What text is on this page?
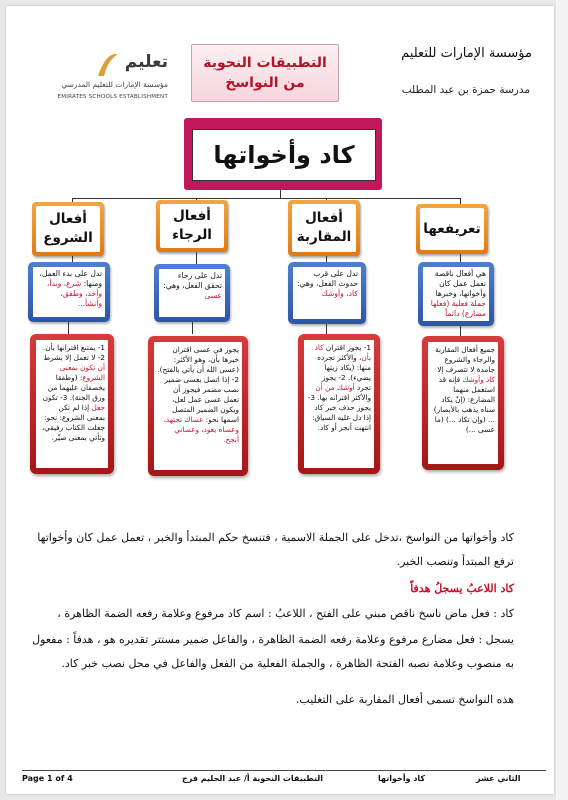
مؤسسة الإمارات للتعليم
مدرسة حمزة بن عبد المطلب
التطبيقات النحوية
من النواسخ
تعليم
مؤسسة الإمارات للتعليم المدرسي
EMIRATES SCHOOLS ESTABLISHMENT
كاد وأخواتها
تعريفعها
أفعال المقاربة
أفعال الرجاء
أفعال الشروع
هي أفعال ناقصة تعمل عمل كان وأخواتها، وخبرها جملة فعلية (فعلها مضارع) دائماً
تدل على قرب حدوث الفعل، وهي: كاد، وأوشك
تدل على رجاء تحقق الفعل، وهي: عسى
تدل على بدء العمل، ومنها: شرع، وبدأ، وأخذ، وطفق، وأنشأ...
جميع أفعال المقاربة والرجاء والشروع جامدة لا تتصرف إلا كاد وأوشك فإنه قد استعمل منهما المضارع: (إنْ يكاد سناه يذهب بالأبصار) ... (وإن تكاد ...) (ما عسى ...)
1- يجوز اقتران كاد بأن، والأكثر تجرده منها: (يكاد زيتها يضيء). 2- يجوز تجرد أوشك من أن والأكثر اقترانه بها. 3- يجوز حذف خبر كاد إذا دل عليه السياق: انتهت أنجز أو كاد.
يجوز في عسى اقتران خبرها بأن، وهو الأكثر: (عسى الله أن يأتي بالفتح). 2- إذا اتصل بعسى ضمير نصب مضمر فيجوز أن تعمل عسى عمل لعل، ويكون الضمير المتصل اسمها نحو: عساك تجتهد، وعساه يعود، وعساني أنجح.
1- يمتنع اقترانها بأن. 2- لا تعمل إلا بشرط أن تكون بمعنى الشروع: (وطفقا يخصفان عليهما من ورق الجنة). 3- تكون جعل إذا لم تكن بمعنى الشروع: نحو: جعلت الكتاب رفيقي، وتأتي بمعنى صيّر.
كاد وأخواتها من النواسخ ،تدخل على الجملة الاسمية ، فتنسخ حكم المبتدأ والخبر ، تعمل عمل كان وأخواتها ترفع المبتدأ وتنصب الخبر.
كاد اللاعبُ يسجلُ هدفاً
كاد : فعل ماض ناسخ ناقص مبني على الفتح ، اللاعبُ : اسم كاد مرفوع وعلامة رفعه الضمة الظاهرة ،
يسجل : فعل مضارع مرفوع وعلامة رفعه الضمة الظاهرة ، والفاعل ضمير مستتر تقديره هو ، هدفاً : مفعول به منصوب وعلامة نصبه الفتحة الظاهرة ، والجملة الفعلية من الفعل والفاعل في محل نصب خبر كاد.
هذه النواسخ تسمى أفعال المقاربة على التغليب.
Page 1 of 4	التطبيقات النحوية أ/ عبد الحليم فرج	كاد وأخواتها	الثاني عشر
